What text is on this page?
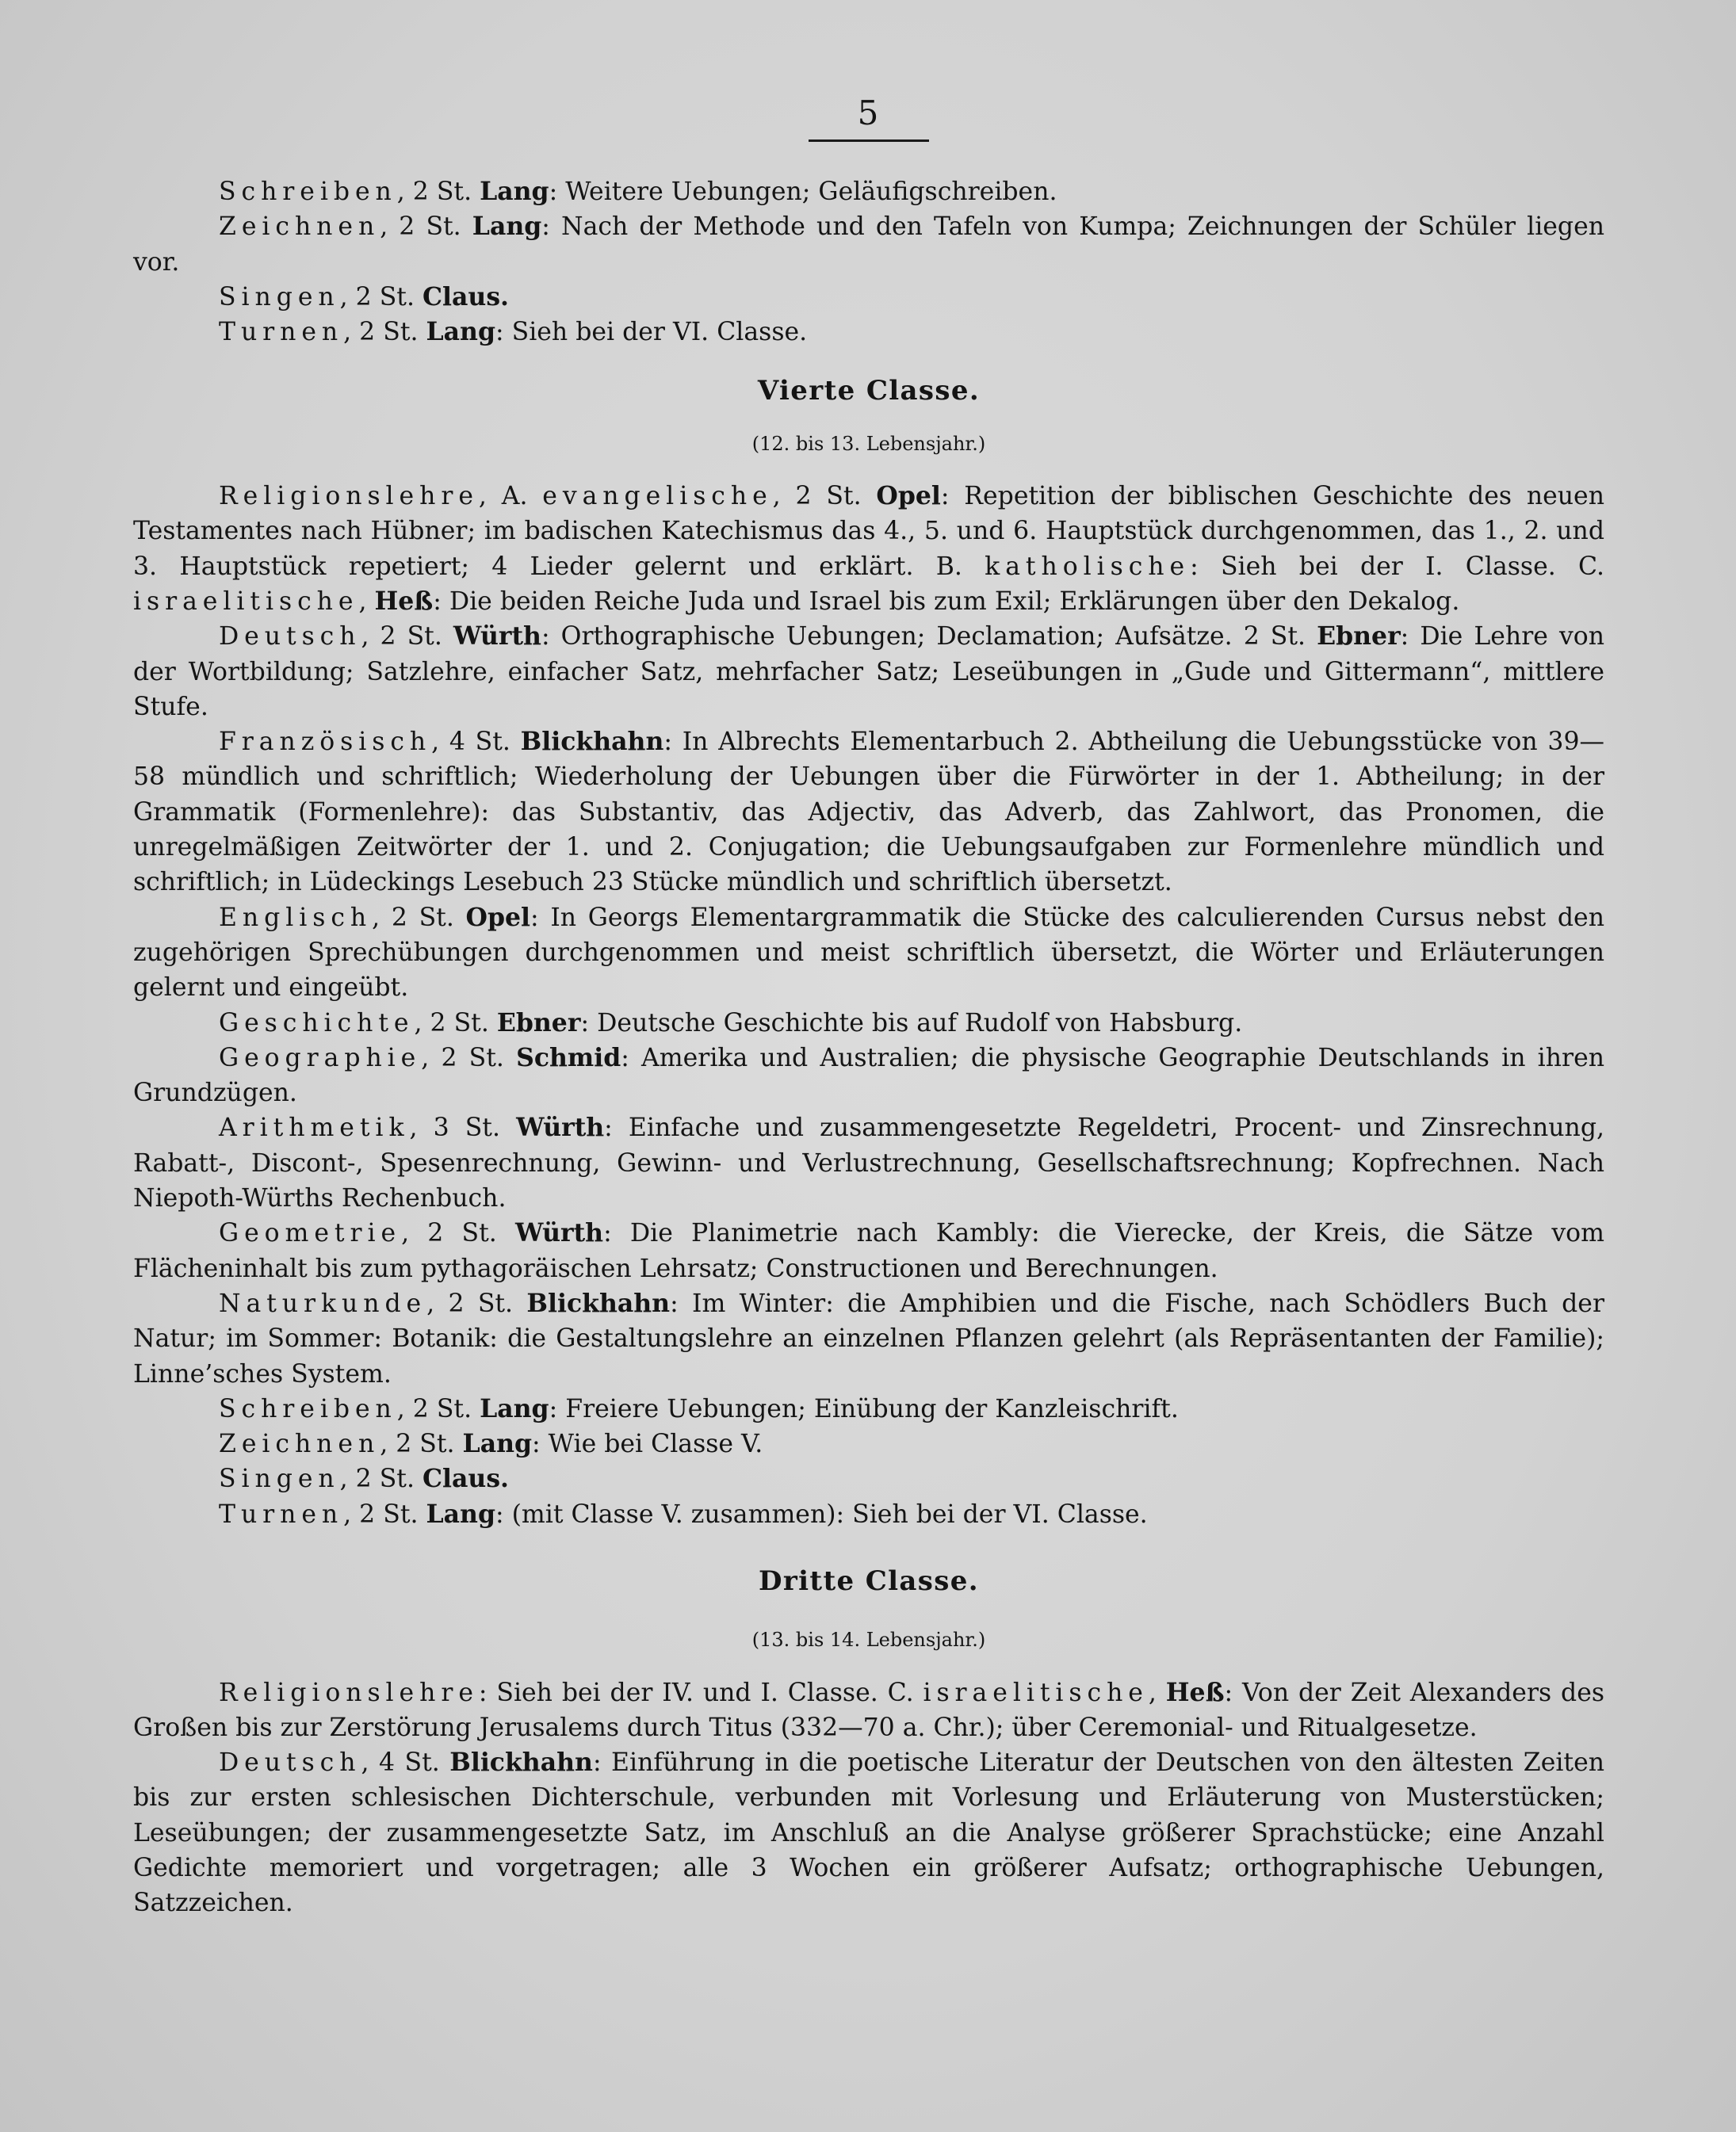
5

Schreiben, 2 St. Lang: Weitere Uebungen; Geläufigschreiben.

Zeichnen, 2 St. Lang: Nach der Methode und den Tafeln von Kumpa; Zeichnungen der Schüler liegen vor.

Singen, 2 St. Claus.

Turnen, 2 St. Lang: Sieh bei der VI. Classe.

Vierte Classe.

(12. bis 13. Lebensjahr.)

Religionslehre, A. evangelische, 2 St. Opel: Repetition der biblischen Geschichte des neuen Testamentes nach Hübner; im badischen Katechismus das 4., 5. und 6. Hauptstück durchgenommen, das 1., 2. und 3. Hauptstück repetiert; 4 Lieder gelernt und erklärt. B. katholische: Sieh bei der I. Classe. C. israelitische, Heß: Die beiden Reiche Juda und Israel bis zum Exil; Erklärungen über den Dekalog.

Deutsch, 2 St. Würth: Orthographische Uebungen; Declamation; Aufsätze. 2 St. Ebner: Die Lehre von der Wortbildung; Satzlehre, einfacher Satz, mehrfacher Satz; Leseübungen in „Gude und Gittermann“, mittlere Stufe.

Französisch, 4 St. Blickhahn: In Albrechts Elementarbuch 2. Abtheilung die Uebungsstücke von 39—58 mündlich und schriftlich; Wiederholung der Uebungen über die Fürwörter in der 1. Abtheilung; in der Grammatik (Formenlehre): das Substantiv, das Adjectiv, das Adverb, das Zahlwort, das Pronomen, die unregelmäßigen Zeitwörter der 1. und 2. Conjugation; die Uebungsaufgaben zur Formenlehre mündlich und schriftlich; in Lüdeckings Lesebuch 23 Stücke mündlich und schriftlich übersetzt.

Englisch, 2 St. Opel: In Georgs Elementargrammatik die Stücke des calculierenden Cursus nebst den zugehörigen Sprechübungen durchgenommen und meist schriftlich übersetzt, die Wörter und Erläuterungen gelernt und eingeübt.

Geschichte, 2 St. Ebner: Deutsche Geschichte bis auf Rudolf von Habsburg.

Geographie, 2 St. Schmid: Amerika und Australien; die physische Geographie Deutschlands in ihren Grundzügen.

Arithmetik, 3 St. Würth: Einfache und zusammengesetzte Regeldetri, Procent- und Zinsrechnung, Rabatt-, Discont-, Spesenrechnung, Gewinn- und Verlustrechnung, Gesellschaftsrechnung; Kopfrechnen. Nach Niepoth-Würths Rechenbuch.

Geometrie, 2 St. Würth: Die Planimetrie nach Kambly: die Vierecke, der Kreis, die Sätze vom Flächeninhalt bis zum pythagoräischen Lehrsatz; Constructionen und Berechnungen.

Naturkunde, 2 St. Blickhahn: Im Winter: die Amphibien und die Fische, nach Schödlers Buch der Natur; im Sommer: Botanik: die Gestaltungslehre an einzelnen Pflanzen gelehrt (als Repräsentanten der Familie); Linne’sches System.

Schreiben, 2 St. Lang: Freiere Uebungen; Einübung der Kanzleischrift.

Zeichnen, 2 St. Lang: Wie bei Classe V.

Singen, 2 St. Claus.

Turnen, 2 St. Lang: (mit Classe V. zusammen): Sieh bei der VI. Classe.

Dritte Classe.

(13. bis 14. Lebensjahr.)

Religionslehre: Sieh bei der IV. und I. Classe. C. israelitische, Heß: Von der Zeit Alexanders des Großen bis zur Zerstörung Jerusalems durch Titus (332—70 a. Chr.); über Ceremonial- und Ritualgesetze.

Deutsch, 4 St. Blickhahn: Einführung in die poetische Literatur der Deutschen von den ältesten Zeiten bis zur ersten schlesischen Dichterschule, verbunden mit Vorlesung und Erläuterung von Musterstücken; Leseübungen; der zusammengesetzte Satz, im Anschluß an die Analyse größerer Sprachstücke; eine Anzahl Gedichte memoriert und vorgetragen; alle 3 Wochen ein größerer Aufsatz; orthographische Uebungen, Satzzeichen.
